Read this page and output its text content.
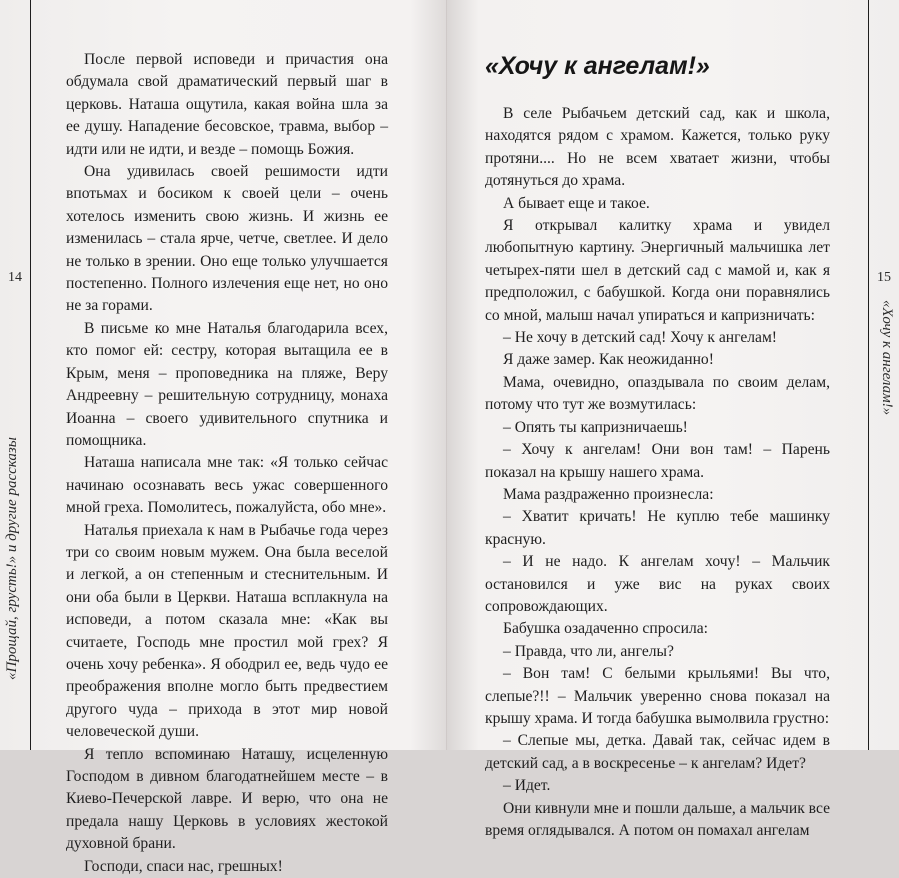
14
«Прощай, грусть!» и другие рассказы

После первой исповеди и причастия она обдумала свой драматический первый шаг в церковь. Наташа ощутила, какая война шла за ее душу. Нападение бесовское, травма, выбор – идти или не идти, и везде – помощь Божия.

Она удивилась своей решимости идти впотьмах и босиком к своей цели – очень хотелось изменить свою жизнь. И жизнь ее изменилась – стала ярче, четче, светлее. И дело не только в зрении. Оно еще только улучшается постепенно. Полного излечения еще нет, но оно не за горами.

В письме ко мне Наталья благодарила всех, кто помог ей: сестру, которая вытащила ее в Крым, меня – проповедника на пляже, Веру Андреевну – решительную сотрудницу, монаха Иоанна – своего удивительного спутника и помощника.

Наташа написала мне так: «Я только сейчас начинаю осознавать весь ужас совершенного мной греха. Помолитесь, пожалуйста, обо мне».

Наталья приехала к нам в Рыбачье года через три со своим новым мужем. Она была веселой и легкой, а он степенным и стеснительным. И они оба были в Церкви. Наташа всплакнула на исповеди, а потом сказала мне: «Как вы считаете, Господь мне простил мой грех? Я очень хочу ребенка». Я ободрил ее, ведь чудо ее преображения вполне могло быть предвестием другого чуда – прихода в этот мир новой человеческой души.

Я тепло вспоминаю Наташу, исцеленную Господом в дивном благодатнейшем месте – в Киево-Печерской лавре. И верю, что она не предала нашу Церковь в условиях жестокой духовной брани.

Господи, спаси нас, грешных!

15
«Хочу к ангелам!»
«Хочу к ангелам!»

В селе Рыбачьем детский сад, как и школа, находятся рядом с храмом. Кажется, только руку протяни.... Но не всем хватает жизни, чтобы дотянуться до храма.

А бывает еще и такое.

Я открывал калитку храма и увидел любопытную картину. Энергичный мальчишка лет четырех-пяти шел в детский сад с мамой и, как я предположил, с бабушкой. Когда они поравнялись со мной, малыш начал упираться и капризничать:

– Не хочу в детский сад! Хочу к ангелам!

Я даже замер. Как неожиданно!

Мама, очевидно, опаздывала по своим делам, потому что тут же возмутилась:

– Опять ты капризничаешь!

– Хочу к ангелам! Они вон там! – Парень показал на крышу нашего храма.

Мама раздраженно произнесла:

– Хватит кричать! Не куплю тебе машинку красную.

– И не надо. К ангелам хочу! – Мальчик остановился и уже вис на руках своих сопровождающих.

Бабушка озадаченно спросила:

– Правда, что ли, ангелы?

– Вон там! С белыми крыльями! Вы что, слепые?!! – Мальчик уверенно снова показал на крышу храма. И тогда бабушка вымолвила грустно:

– Слепые мы, детка. Давай так, сейчас идем в детский сад, а в воскресенье – к ангелам? Идет?

– Идет.

Они кивнули мне и пошли дальше, а мальчик все время оглядывался. А потом он помахал ангелам
